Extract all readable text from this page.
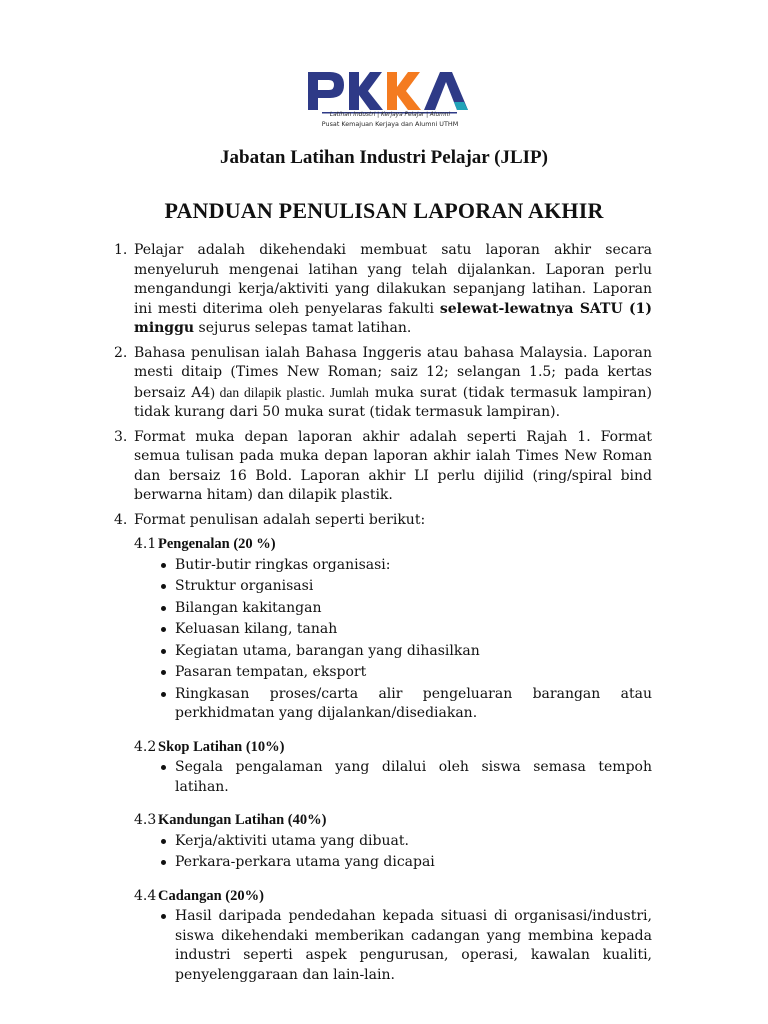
Latihan Industri | Kerjaya Pelajar | Alumni
Pusat Kemajuan Kerjaya dan Alumni UTHM
Jabatan Latihan Industri Pelajar (JLIP)
PANDUAN PENULISAN LAPORAN AKHIR
1. Pelajar adalah dikehendaki membuat satu laporan akhir secara menyeluruh mengenai latihan yang telah dijalankan. Laporan perlu mengandungi kerja/aktiviti yang dilakukan sepanjang latihan. Laporan ini mesti diterima oleh penyelaras fakulti selewat-lewatnya SATU (1) minggu sejurus selepas tamat latihan.
2. Bahasa penulisan ialah Bahasa Inggeris atau bahasa Malaysia. Laporan mesti ditaip (Times New Roman; saiz 12; selangan 1.5; pada kertas bersaiz A4) dan dilapik plastic. Jumlah muka surat (tidak termasuk lampiran) tidak kurang dari 50 muka surat (tidak termasuk lampiran).
3. Format muka depan laporan akhir adalah seperti Rajah 1. Format semua tulisan pada muka depan laporan akhir ialah Times New Roman dan bersaiz 16 Bold. Laporan akhir LI perlu dijilid (ring/spiral bind berwarna hitam) dan dilapik plastik.
4. Format penulisan adalah seperti berikut:
4.1 Pengenalan (20 %)
Butir-butir ringkas organisasi:
Struktur organisasi
Bilangan kakitangan
Keluasan kilang, tanah
Kegiatan utama, barangan yang dihasilkan
Pasaran tempatan, eksport
Ringkasan proses/carta alir pengeluaran barangan atau perkhidmatan yang dijalankan/disediakan.
4.2 Skop Latihan (10%)
Segala pengalaman yang dilalui oleh siswa semasa tempoh latihan.
4.3 Kandungan Latihan (40%)
Kerja/aktiviti utama yang dibuat.
Perkara-perkara utama yang dicapai
4.4 Cadangan (20%)
Hasil daripada pendedahan kepada situasi di organisasi/industri, siswa dikehendaki memberikan cadangan yang membina kepada industri seperti aspek pengurusan, operasi, kawalan kualiti, penyelenggaraan dan lain-lain.
